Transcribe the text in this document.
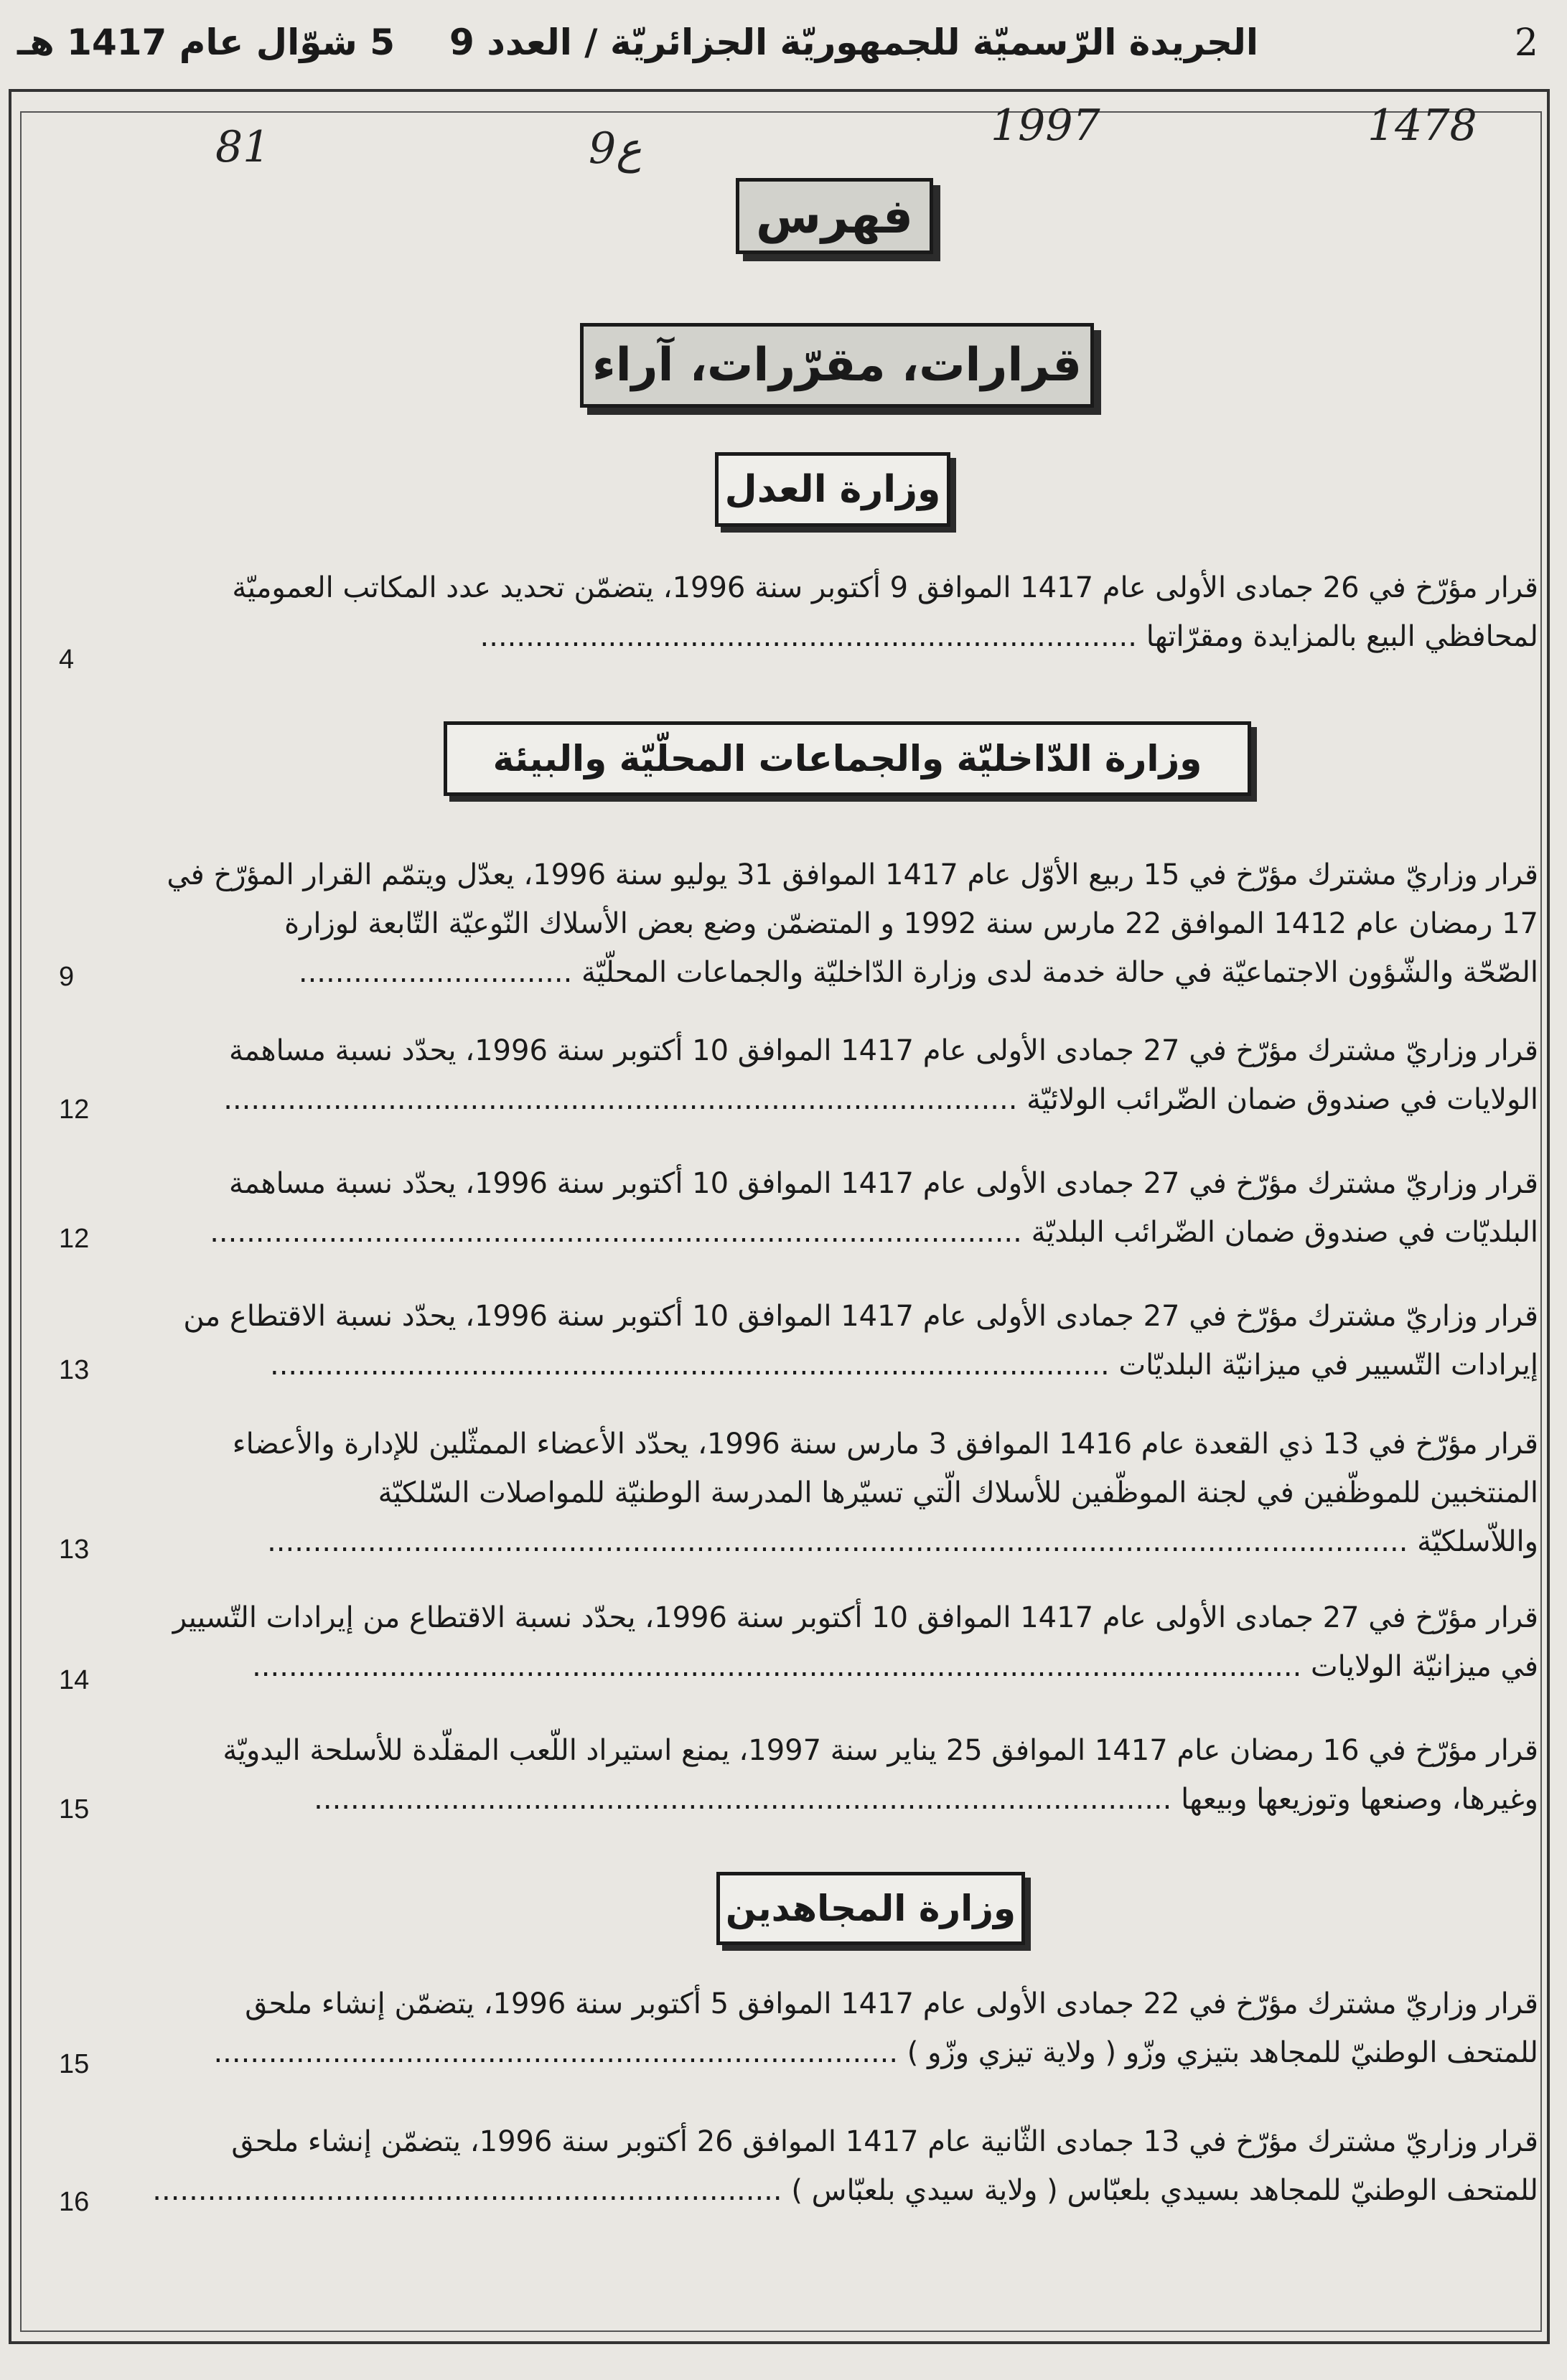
2
الجريدة الرّسميّة للجمهوريّة الجزائريّة / العدد 9
5 شوّال عام 1417 هـ
81	9ع	1997	1478
فهرس
قرارات، مقرّرات، آراء
وزارة العدل
قرار مؤرّخ في 26 جمادى الأولى عام 1417 الموافق 9 أكتوبر سنة 1996، يتضمّن تحديد عدد المكاتب العموميّة
لمحافظي البيع بالمزايدة ومقرّاتها ........................................................................
4
وزارة الدّاخليّة والجماعات المحلّيّة والبيئة
قرار وزاريّ مشترك مؤرّخ في 15 ربيع الأوّل عام 1417 الموافق 31 يوليو سنة 1996، يعدّل ويتمّم القرار المؤرّخ في 17 رمضان عام 1412 الموافق 22 مارس سنة 1992 و المتضمّن وضع بعض الأسلاك النّوعيّة التّابعة لوزارة
الصّحّة والشّؤون الاجتماعيّة في حالة خدمة لدى وزارة الدّاخليّة والجماعات المحلّيّة ..............................
9
قرار وزاريّ مشترك مؤرّخ في 27 جمادى الأولى عام 1417 الموافق 10 أكتوبر سنة 1996، يحدّد نسبة مساهمة
الولايات في صندوق ضمان الضّرائب الولائيّة .......................................................................................
12
قرار وزاريّ مشترك مؤرّخ في 27 جمادى الأولى عام 1417 الموافق 10 أكتوبر سنة 1996، يحدّد نسبة مساهمة
البلديّات في صندوق ضمان الضّرائب البلديّة .........................................................................................
12
قرار وزاريّ مشترك مؤرّخ في 27 جمادى الأولى عام 1417 الموافق 10 أكتوبر سنة 1996، يحدّد نسبة الاقتطاع من
إيرادات التّسيير في ميزانيّة البلديّات ............................................................................................
13
قرار مؤرّخ في 13 ذي القعدة عام 1416 الموافق 3 مارس سنة 1996، يحدّد الأعضاء الممثّلين للإدارة والأعضاء المنتخبين للموظّفين في لجنة الموظّفين للأسلاك الّتي تسيّرها المدرسة الوطنيّة للمواصلات السّلكيّة
واللاّسلكيّة .............................................................................................................................
13
قرار مؤرّخ في 27 جمادى الأولى عام 1417 الموافق 10 أكتوبر سنة 1996، يحدّد نسبة الاقتطاع من إيرادات التّسيير
في ميزانيّة الولايات ...................................................................................................................
14
قرار مؤرّخ في 16 رمضان عام 1417 الموافق 25 يناير سنة 1997، يمنع استيراد اللّعب المقلّدة للأسلحة اليدويّة
وغيرها، وصنعها وتوزيعها وبيعها ..............................................................................................
15
وزارة المجاهدين
قرار وزاريّ مشترك مؤرّخ في 22 جمادى الأولى عام 1417 الموافق 5 أكتوبر سنة 1996، يتضمّن إنشاء ملحق
للمتحف الوطنيّ للمجاهد بتيزي وزّو ( ولاية تيزي وزّو ) ...........................................................................
15
قرار وزاريّ مشترك مؤرّخ في 13 جمادى الثّانية عام 1417 الموافق 26 أكتوبر سنة 1996، يتضمّن إنشاء ملحق
للمتحف الوطنيّ للمجاهد بسيدي بلعبّاس ( ولاية سيدي بلعبّاس ) .....................................................................
16
